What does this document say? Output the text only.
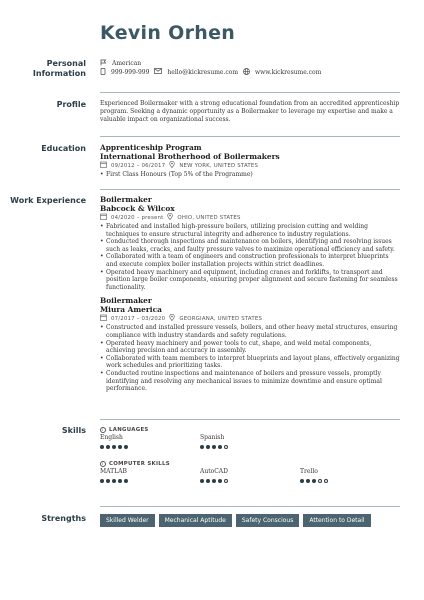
Kevin Orhen
Personal Information
American
999-999-999	hello@kickresume.com	www.kickresume.com
Profile Experienced Boilermaker with a strong educational foundation from an accredited apprenticeship program. Seeking a dynamic opportunity as a Boilermaker to leverage my expertise and make a valuable impact on organizational success.
Education Apprenticeship Program
International Brotherhood of Boilermakers
09/2012 – 06/2017	NEW YORK, UNITED STATES
• First Class Honours (Top 5% of the Programme)
Work Experience Boilermaker
Babcock & Wilcox
04/2020 – present	OHIO, UNITED STATES
• Fabricated and installed high-pressure boilers, utilizing precision cutting and welding techniques to ensure structural integrity and adherence to industry regulations.
• Conducted thorough inspections and maintenance on boilers, identifying and resolving issues such as leaks, cracks, and faulty pressure valves to maximize operational efficiency and safety.
• Collaborated with a team of engineers and construction professionals to interpret blueprints and execute complex boiler installation projects within strict deadlines.
• Operated heavy machinery and equipment, including cranes and forklifts, to transport and position large boiler components, ensuring proper alignment and secure fastening for seamless functionality.
Boilermaker
Miura America
07/2017 – 03/2020	GEORGIANA, UNITED STATES
• Constructed and installed pressure vessels, boilers, and other heavy metal structures, ensuring compliance with industry standards and safety regulations.
• Operated heavy machinery and power tools to cut, shape, and weld metal components, achieving precision and accuracy in assembly.
• Collaborated with team members to interpret blueprints and layout plans, effectively organizing work schedules and prioritizing tasks.
• Conducted routine inspections and maintenance of boilers and pressure vessels, promptly identifying and resolving any mechanical issues to minimize downtime and ensure optimal performance.
Skills	i LANGUAGES
English	Spanish
i COMPUTER SKILLS
MATLAB	AutoCAD	Trello
Strengths	Skilled Welder	Mechanical Aptitude	Safety Conscious	Attention to Detail
